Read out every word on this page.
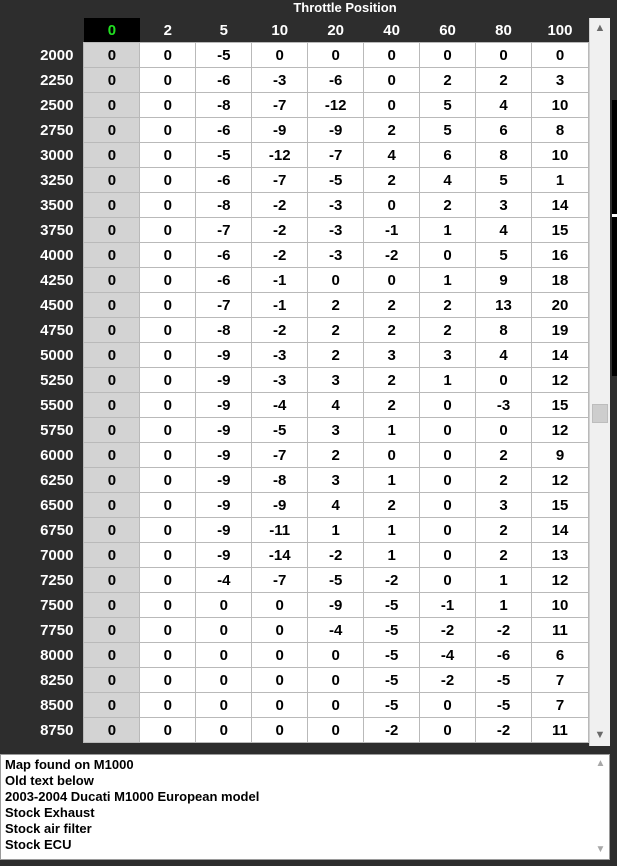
Throttle Position
	0	2	5	10	20	40	60	80	100
2000	0	0	-5	0	0	0	0	0	0
2250	0	0	-6	-3	-6	0	2	2	3
2500	0	0	-8	-7	-12	0	5	4	10
2750	0	0	-6	-9	-9	2	5	6	8
3000	0	0	-5	-12	-7	4	6	8	10
3250	0	0	-6	-7	-5	2	4	5	1
3500	0	0	-8	-2	-3	0	2	3	14
3750	0	0	-7	-2	-3	-1	1	4	15
4000	0	0	-6	-2	-3	-2	0	5	16
4250	0	0	-6	-1	0	0	1	9	18
4500	0	0	-7	-1	2	2	2	13	20
4750	0	0	-8	-2	2	2	2	8	19
5000	0	0	-9	-3	2	3	3	4	14
5250	0	0	-9	-3	3	2	1	0	12
5500	0	0	-9	-4	4	2	0	-3	15
5750	0	0	-9	-5	3	1	0	0	12
6000	0	0	-9	-7	2	0	0	2	9
6250	0	0	-9	-8	3	1	0	2	12
6500	0	0	-9	-9	4	2	0	3	15
6750	0	0	-9	-11	1	1	0	2	14
7000	0	0	-9	-14	-2	1	0	2	13
7250	0	0	-4	-7	-5	-2	0	1	12
7500	0	0	0	0	-9	-5	-1	1	10
7750	0	0	0	0	-4	-5	-2	-2	11
8000	0	0	0	0	0	-5	-4	-6	6
8250	0	0	0	0	0	-5	-2	-5	7
8500	0	0	0	0	0	-5	0	-5	7
8750	0	0	0	0	0	-2	0	-2	11
▲
▼
Map found on M1000
Old text below
2003-2004 Ducati M1000 European model
Stock Exhaust
Stock air filter
Stock ECU
▲
▼
